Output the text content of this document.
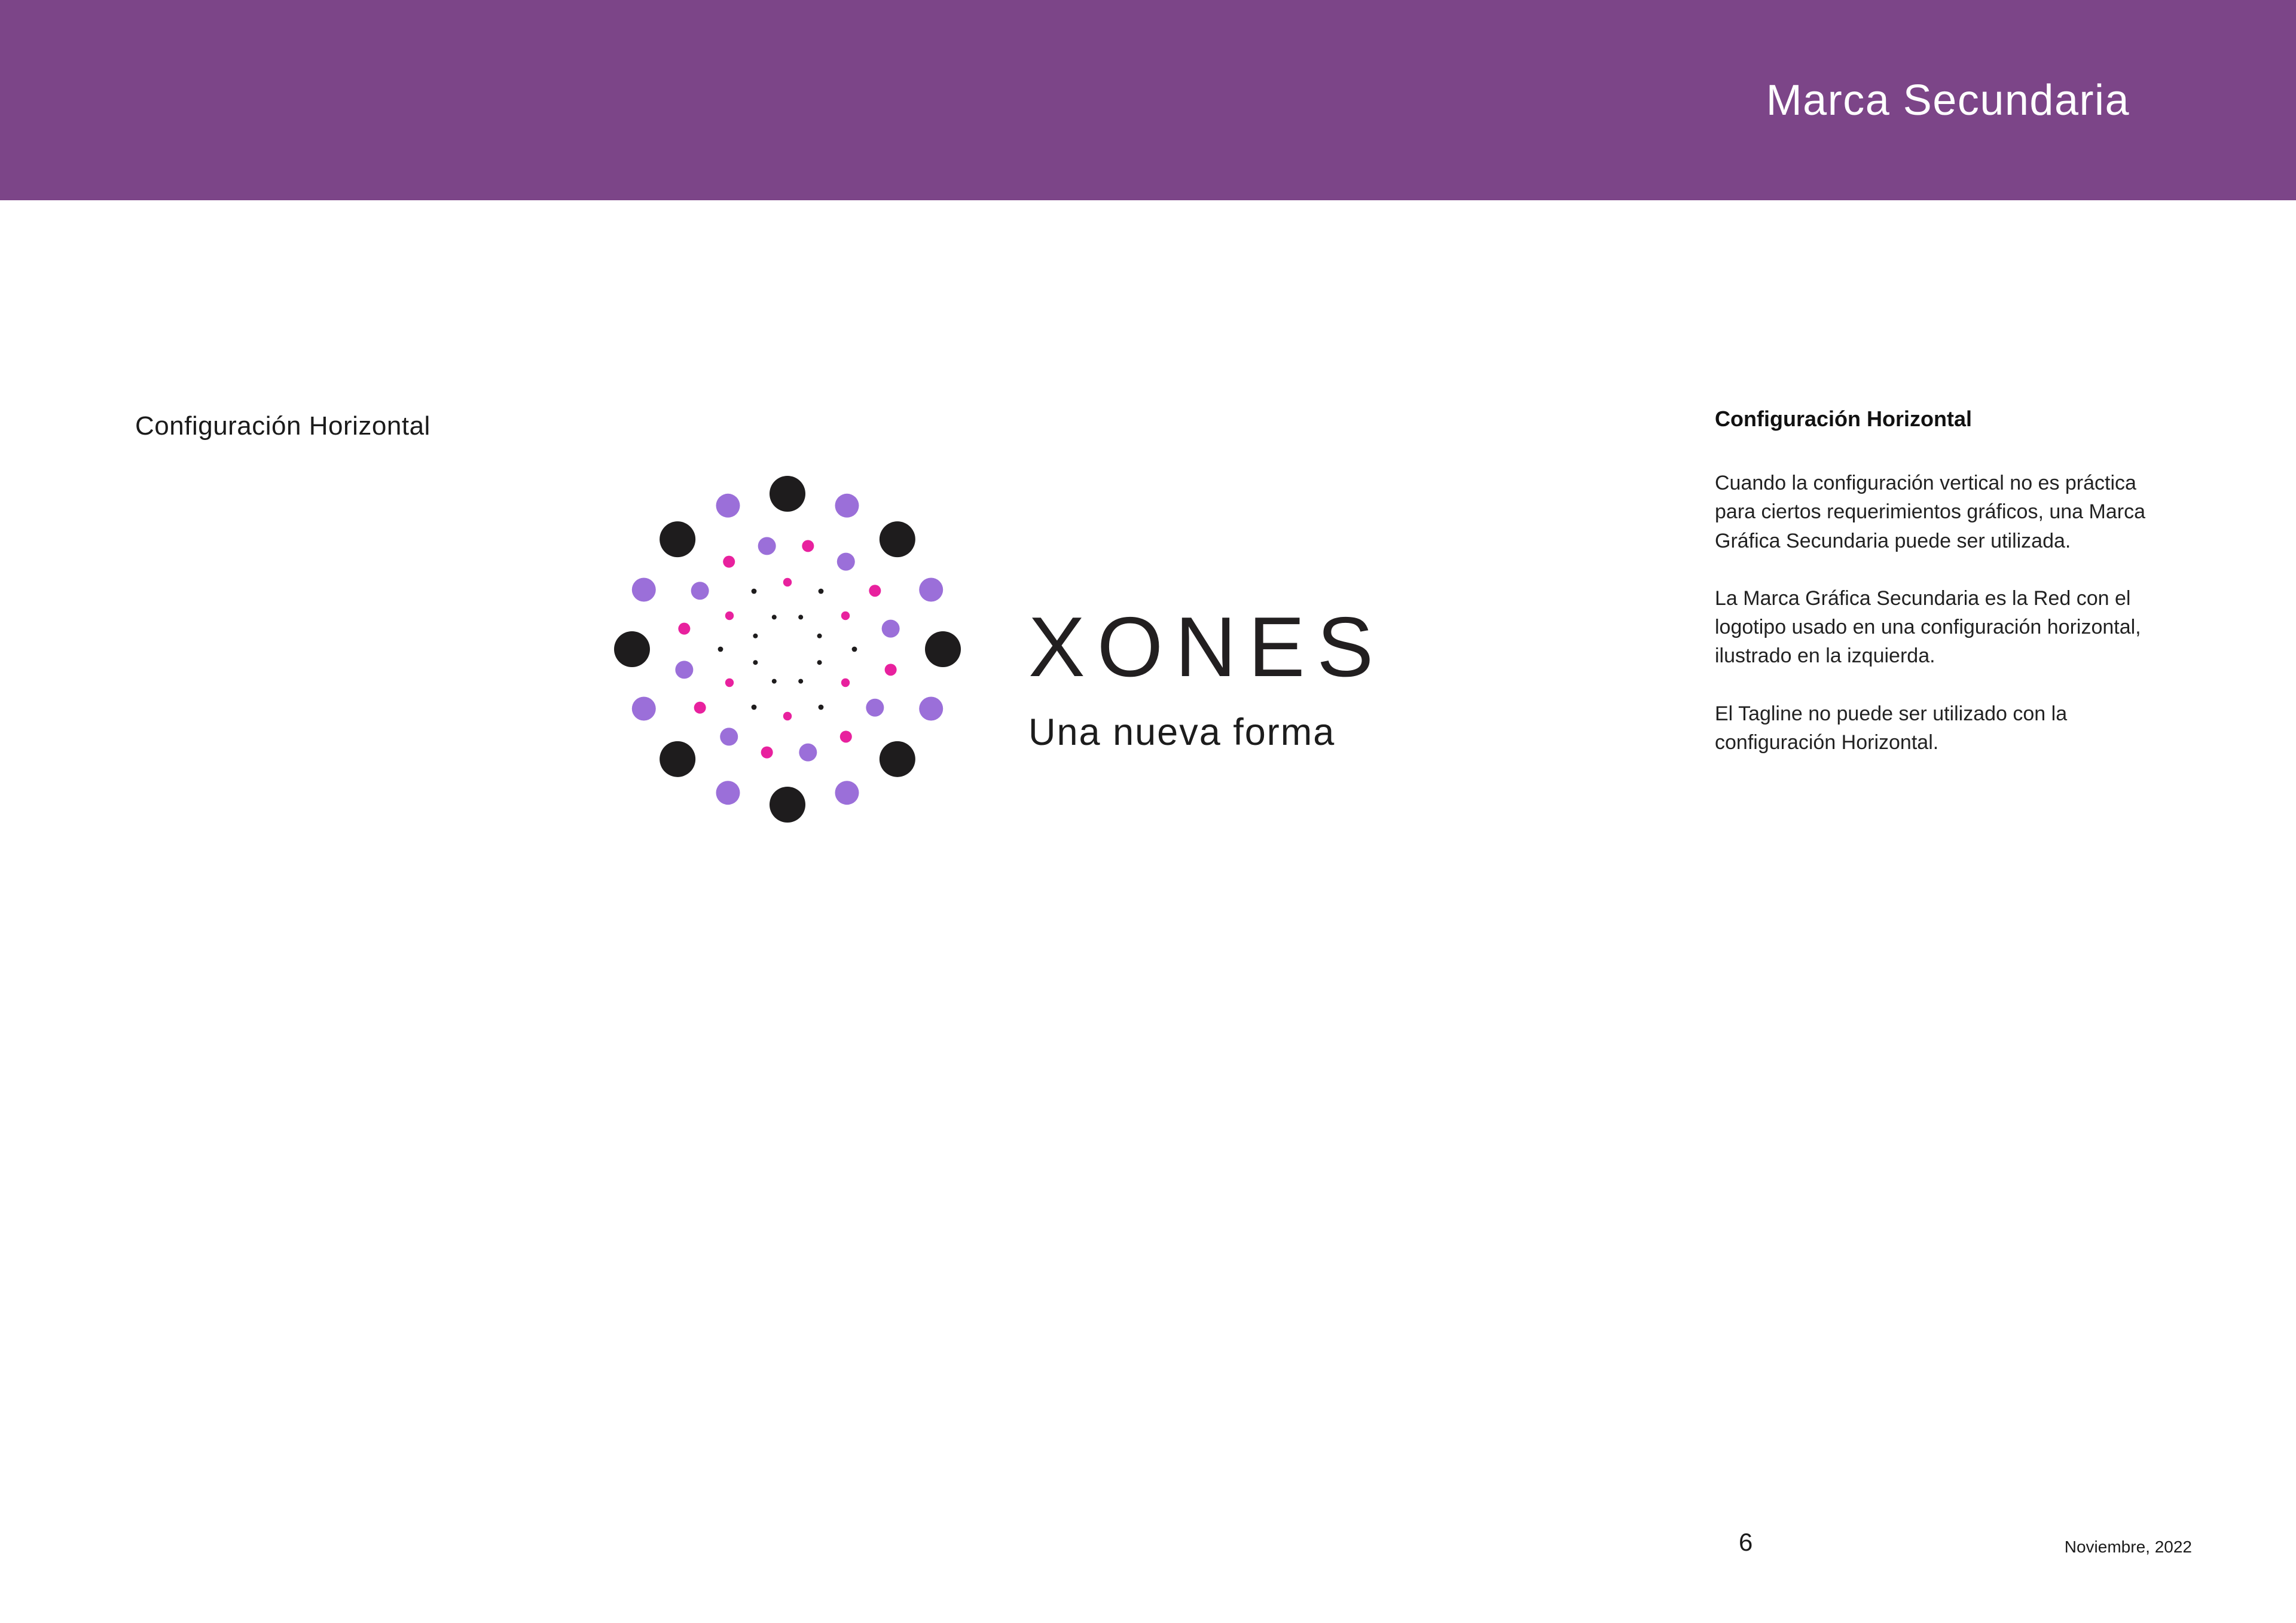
Marca Secundaria
Configuración Horizontal
XONES
Una nueva forma
Configuración Horizontal

Cuando la configuración vertical no es práctica para ciertos requerimientos gráficos, una Marca Gráfica Secundaria puede ser utilizada.

La Marca Gráfica Secundaria es la Red con el logotipo usado en una configuración horizontal, ilustrado en la izquierda.

El Tagline no puede ser utilizado con la configuración Horizontal.

6	Noviembre, 2022
